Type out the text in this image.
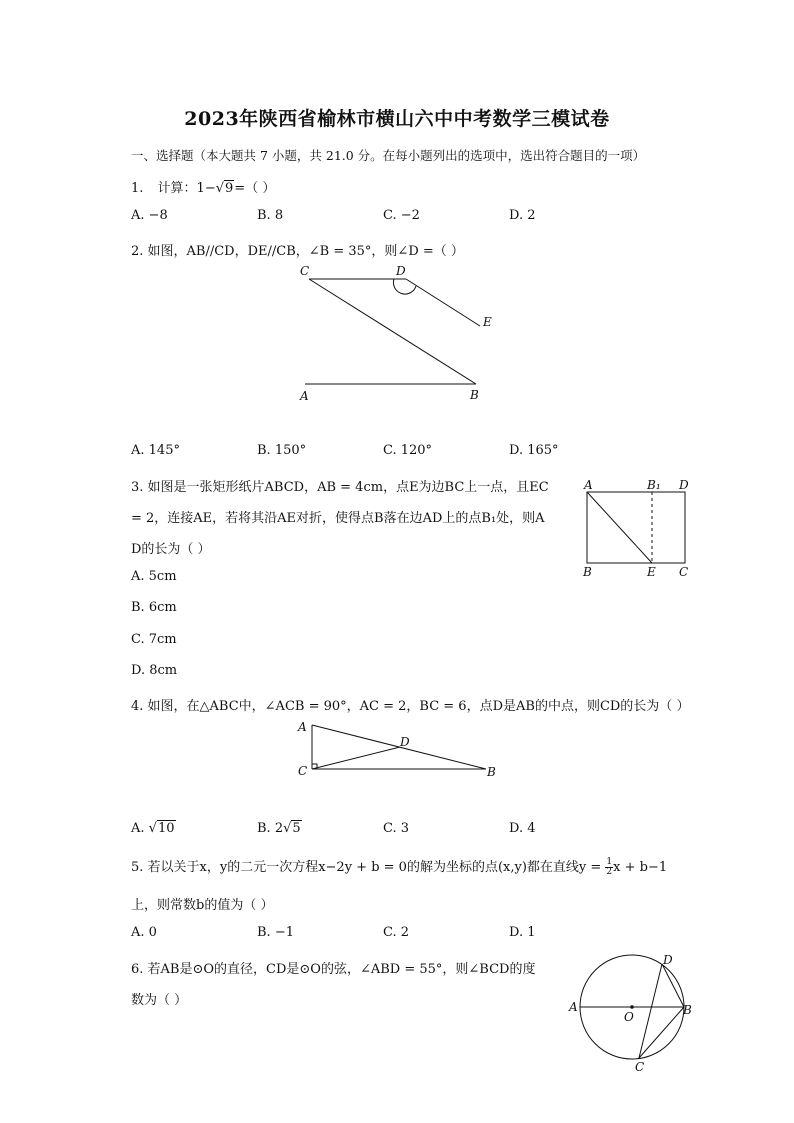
2023年陕西省榆林市横山六中中考数学三模试卷
一、选择题（本大题共 7 小题，共 21.0 分。在每小题列出的选项中，选出符合题目的一项）
1. 计算：1−√9=（ ）
A. −8	B. 8	C. −2	D. 2
2. 如图，AB//CD，DE//CB，∠B = 35°，则∠D =（ ）
C	D
E
A	B
A. 145°	B. 150°	C. 120°	D. 165°
3. 如图是一张矩形纸片ABCD，AB = 4cm，点E为边BC上一点，且EC
= 2，连接AE，若将其沿AE对折，使得点B落在边AD上的点B₁处，则A
D的长为（ ）
A	B₁ D
B	E C
A. 5cm
B. 6cm
C. 7cm
D. 8cm
4. 如图，在△ABC中，∠ACB = 90°，AC = 2，BC = 6，点D是AB的中点，则CD的长为（ ）
A
D
C	B
A. √10	B. 2√5	C. 3	D. 4
5. 若以关于x，y的二元一次方程x−2y + b = 0的解为坐标的点(x,y)都在直线$y = \frac{1}{2}$ x + b−1
上，则常数b的值为（ ）
A. 0	B. −1	C. 2	D. 1
6. 若AB是⊙O的直径，CD是⊙O的弦，∠ABD = 55°，则∠BCD的度
数为（ ）
D
A
O	B
C
